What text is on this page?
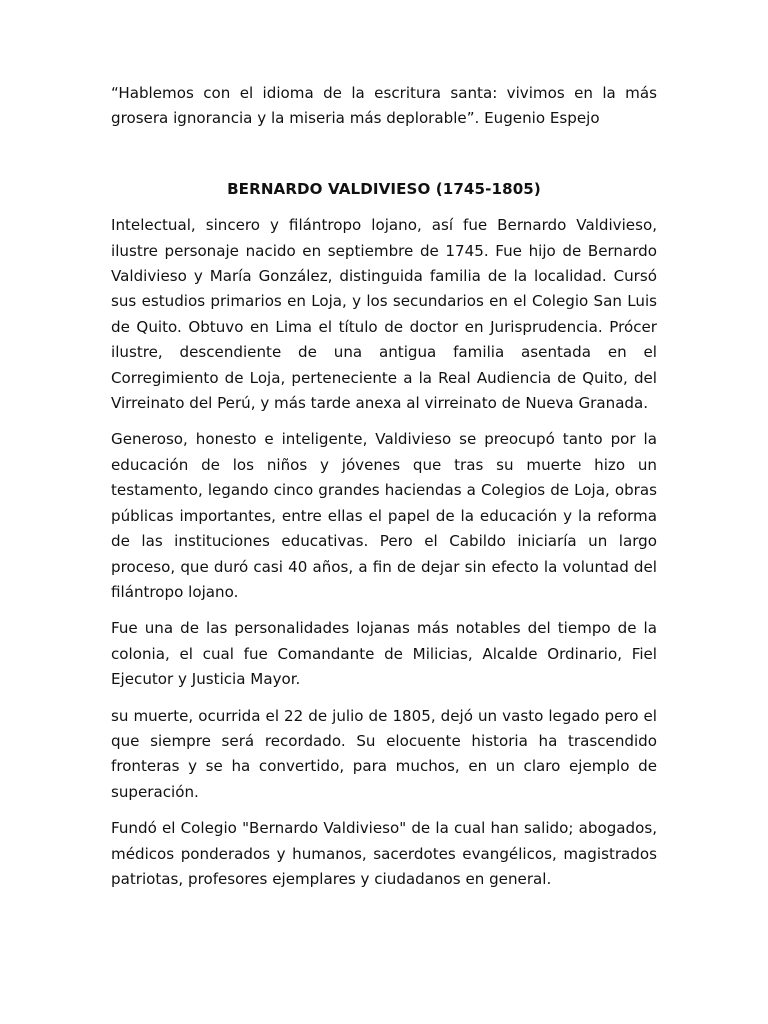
“Hablemos con el idioma de la escritura santa: vivimos en la más grosera ignorancia y la miseria más deplorable”. Eugenio Espejo

BERNARDO VALDIVIESO (1745-1805)

Intelectual, sincero y filántropo lojano, así fue Bernardo Valdivieso, ilustre personaje nacido en septiembre de 1745. Fue hijo de Bernardo Valdivieso y María González, distinguida familia de la localidad. Cursó sus estudios primarios en Loja, y los secundarios en el Colegio San Luis de Quito. Obtuvo en Lima el título de doctor en Jurisprudencia. Prócer ilustre, descendiente de una antigua familia asentada en el Corregimiento de Loja, perteneciente a la Real Audiencia de Quito, del Virreinato del Perú, y más tarde anexa al virreinato de Nueva Granada.

Generoso, honesto e inteligente, Valdivieso se preocupó tanto por la educación de los niños y jóvenes que tras su muerte hizo un testamento, legando cinco grandes haciendas a Colegios de Loja, obras públicas importantes, entre ellas el papel de la educación y la reforma de las instituciones educativas. Pero el Cabildo iniciaría un largo proceso, que duró casi 40 años, a fin de dejar sin efecto la voluntad del filántropo lojano.

Fue una de las personalidades lojanas más notables del tiempo de la colonia, el cual fue Comandante de Milicias, Alcalde Ordinario, Fiel Ejecutor y Justicia Mayor.

su muerte, ocurrida el 22 de julio de 1805, dejó un vasto legado pero el que siempre será recordado. Su elocuente historia ha trascendido fronteras y se ha convertido, para muchos, en un claro ejemplo de superación.

Fundó el Colegio "Bernardo Valdivieso" de la cual han salido; abogados, médicos ponderados y humanos, sacerdotes evangélicos, magistrados patriotas, profesores ejemplares y ciudadanos en general.
